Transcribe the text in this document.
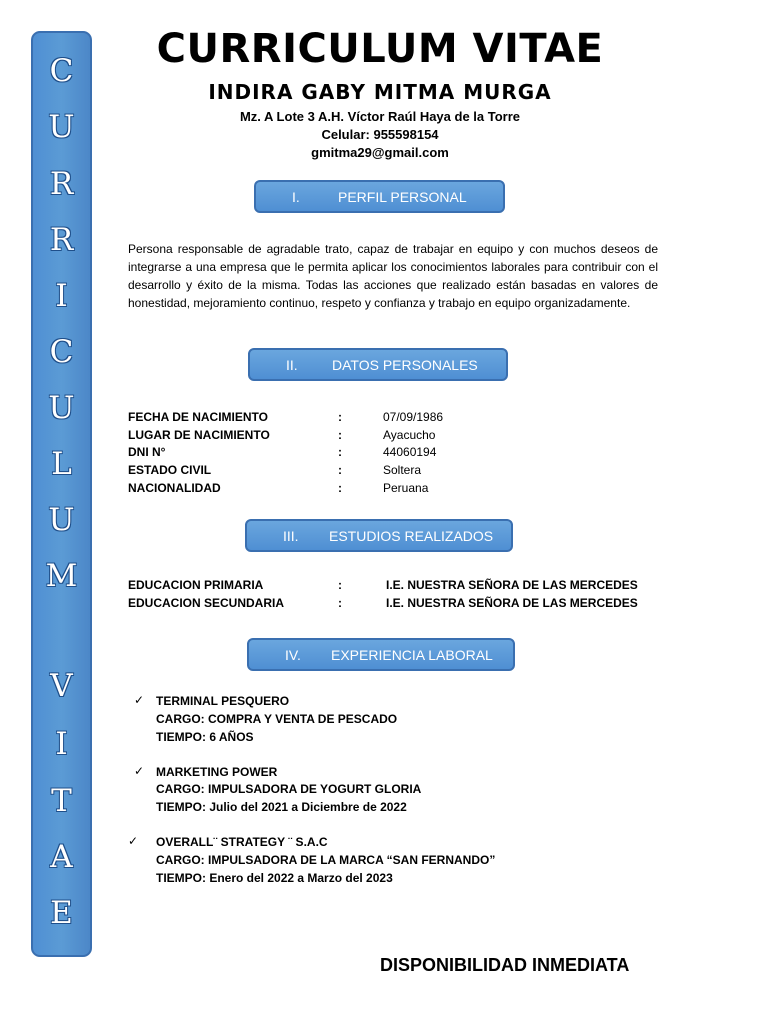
C
U
R
R
I
C
U
L
U
M
V
I
T
A
E
CURRICULUM VITAE
INDIRA GABY MITMA MURGA
Mz. A Lote 3 A.H. Víctor Raúl Haya de la Torre
Celular: 955598154
gmitma29@gmail.com
I.	PERFIL PERSONAL
Persona responsable de agradable trato, capaz de trabajar en equipo y con muchos deseos de integrarse a una empresa que le permita aplicar los conocimientos laborales para contribuir con el desarrollo y éxito de la misma. Todas las acciones que realizado están basadas en valores de honestidad, mejoramiento continuo, respeto y confianza y trabajo en equipo organizadamente.
II. DATOS PERSONALES
FECHA DE NACIMIENTO	:	07/09/1986
LUGAR DE NACIMIENTO	:	Ayacucho
DNI N°	:	44060194
ESTADO CIVIL	:	Soltera
NACIONALIDAD	:	Peruana
III. ESTUDIOS REALIZADOS
EDUCACION PRIMARIA	:	I.E. NUESTRA SEÑORA DE LAS MERCEDES
EDUCACION SECUNDARIA	:	I.E. NUESTRA SEÑORA DE LAS MERCEDES
IV. EXPERIENCIA LABORAL
✓ TERMINAL PESQUERO
CARGO: COMPRA Y VENTA DE PESCADO
TIEMPO: 6 AÑOS
✓ MARKETING POWER
CARGO: IMPULSADORA DE YOGURT GLORIA
TIEMPO: Julio del 2021 a Diciembre de 2022
✓ OVERALL¨ STRATEGY ¨ S.A.C
CARGO: IMPULSADORA DE LA MARCA “SAN FERNANDO”
TIEMPO: Enero del 2022 a Marzo del 2023
DISPONIBILIDAD INMEDIATA
